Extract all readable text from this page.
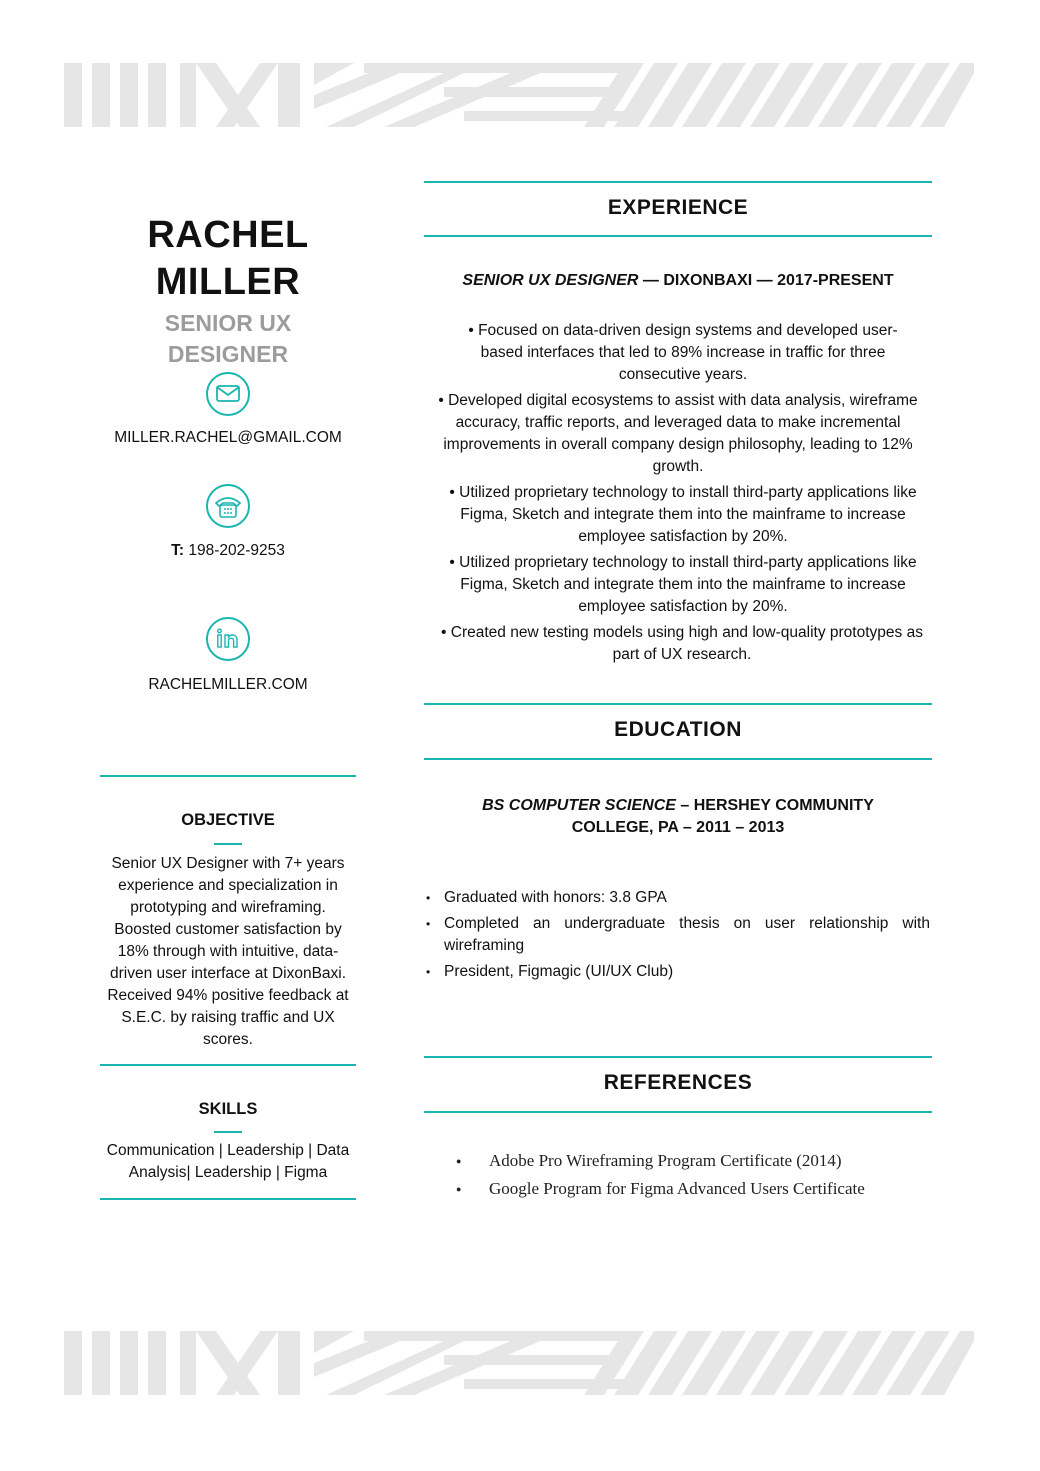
RACHEL
MILLER
SENIOR UX
DESIGNER
MILLER.RACHEL@GMAIL.COM
T: 198-202-9253
RACHELMILLER.COM
OBJECTIVE
Senior UX Designer with 7+ years experience and specialization in prototyping and wireframing. Boosted customer satisfaction by 18% through with intuitive, data-driven user interface at DixonBaxi. Received 94% positive feedback at S.E.C. by raising traffic and UX scores.
SKILLS
Communication | Leadership | Data Analysis| Leadership | Figma
EXPERIENCE
SENIOR UX DESIGNER — DIXONBAXI — 2017-PRESENT
• Focused on data-driven design systems and developed user-based interfaces that led to 89% increase in traffic for three consecutive years.
• Developed digital ecosystems to assist with data analysis, wireframe accuracy, traffic reports, and leveraged data to make incremental improvements in overall company design philosophy, leading to 12% growth.
• Utilized proprietary technology to install third-party applications like Figma, Sketch and integrate them into the mainframe to increase employee satisfaction by 20%.
• Utilized proprietary technology to install third-party applications like Figma, Sketch and integrate them into the mainframe to increase employee satisfaction by 20%.
• Created new testing models using high and low-quality prototypes as part of UX research.
EDUCATION
BS COMPUTER SCIENCE – HERSHEY COMMUNITY
COLLEGE, PA – 2011 – 2013
• Graduated with honors: 3.8 GPA
• Completed an undergraduate thesis on user relationship with wireframing
• President, Figmagic (UI/UX Club)
REFERENCES
● Adobe Pro Wireframing Program Certificate (2014)
● Google Program for Figma Advanced Users Certificate
